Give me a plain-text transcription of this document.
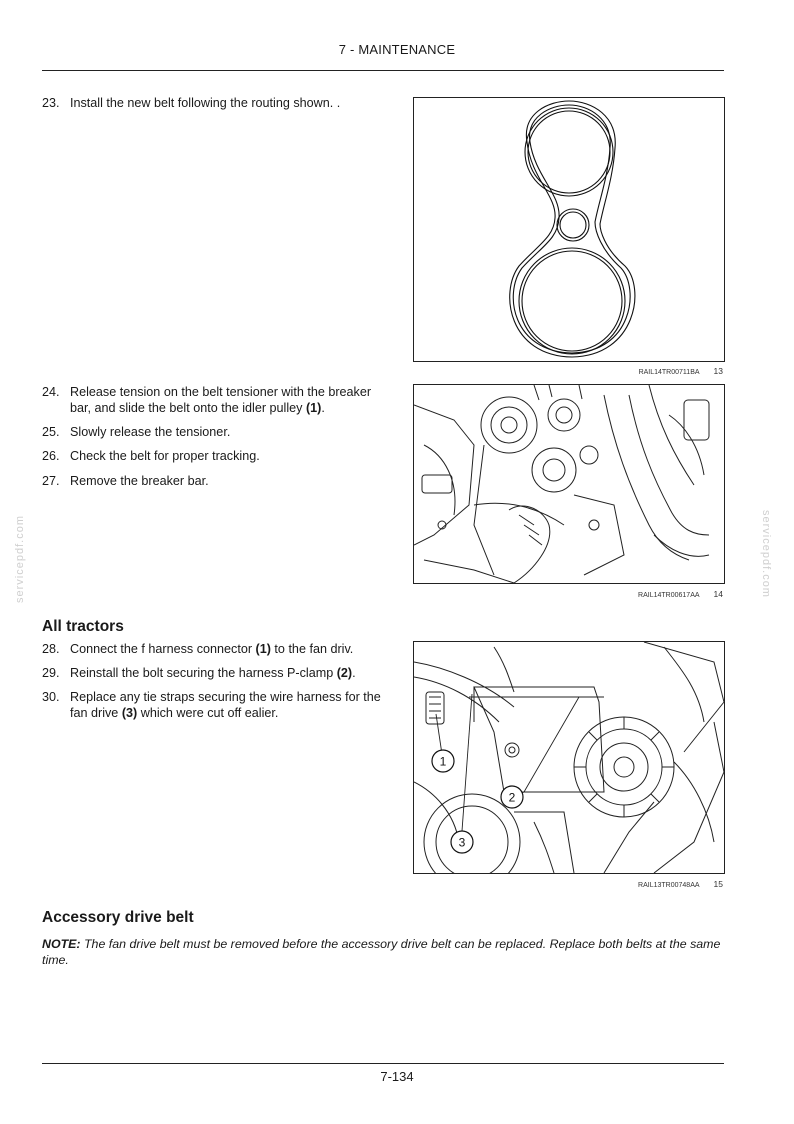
7 - MAINTENANCE
servicepdf.com	servicepdf.com
23. Install the new belt following the routing shown. .
RAIL14TR00711BA 13
24. Release tension on the belt tensioner with the breaker bar, and slide the belt onto the idler pulley (1).
25. Slowly release the tensioner.
26. Check the belt for proper tracking.
27. Remove the breaker bar.
RAIL14TR00617AA 14
All tractors
28. Connect the f harness connector (1) to the fan driv.
29. Reinstall the bolt securing the harness P-clamp (2).
30. Replace any tie straps securing the wire harness for the fan drive (3) which were cut off ealier.
1
2
3
RAIL13TR00748AA 15
Accessory drive belt
NOTE: The fan drive belt must be removed before the accessory drive belt can be replaced. Replace both belts at the same time.
7-134
